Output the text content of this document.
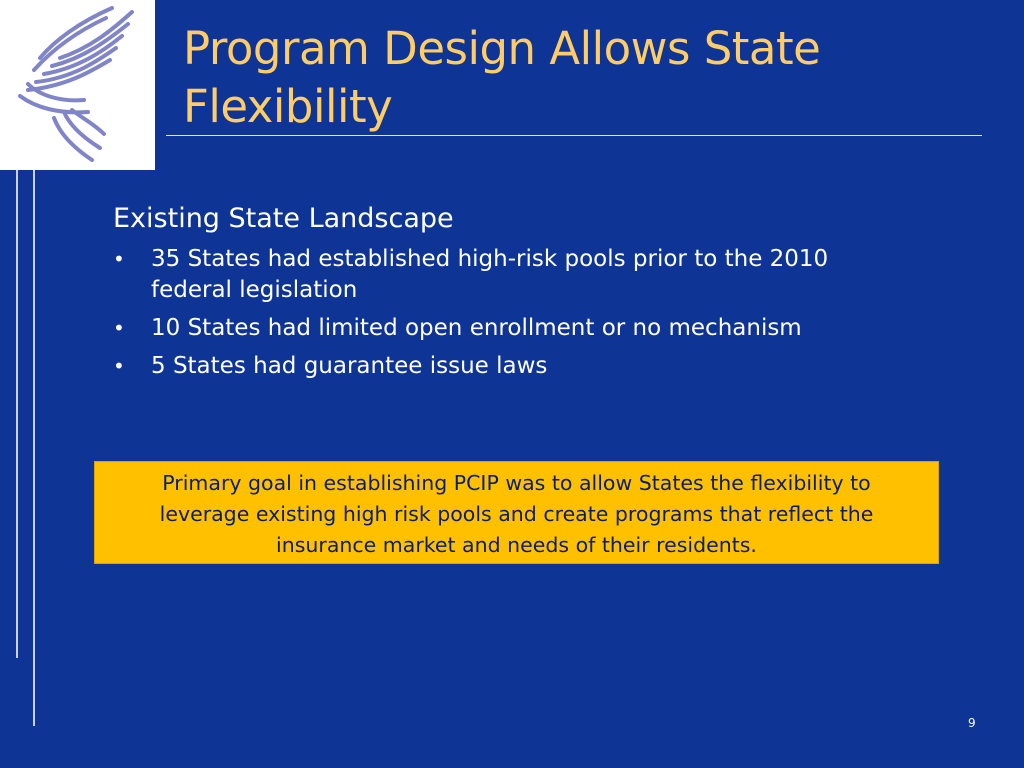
Program Design Allows State Flexibility
Existing State Landscape
• 35 States had established high-risk pools prior to the 2010 federal legislation
• 10 States had limited open enrollment or no mechanism
• 5 States had guarantee issue laws
Primary goal in establishing PCIP was to allow States the flexibility to leverage existing high risk pools and create programs that reflect the insurance market and needs of their residents.
9
